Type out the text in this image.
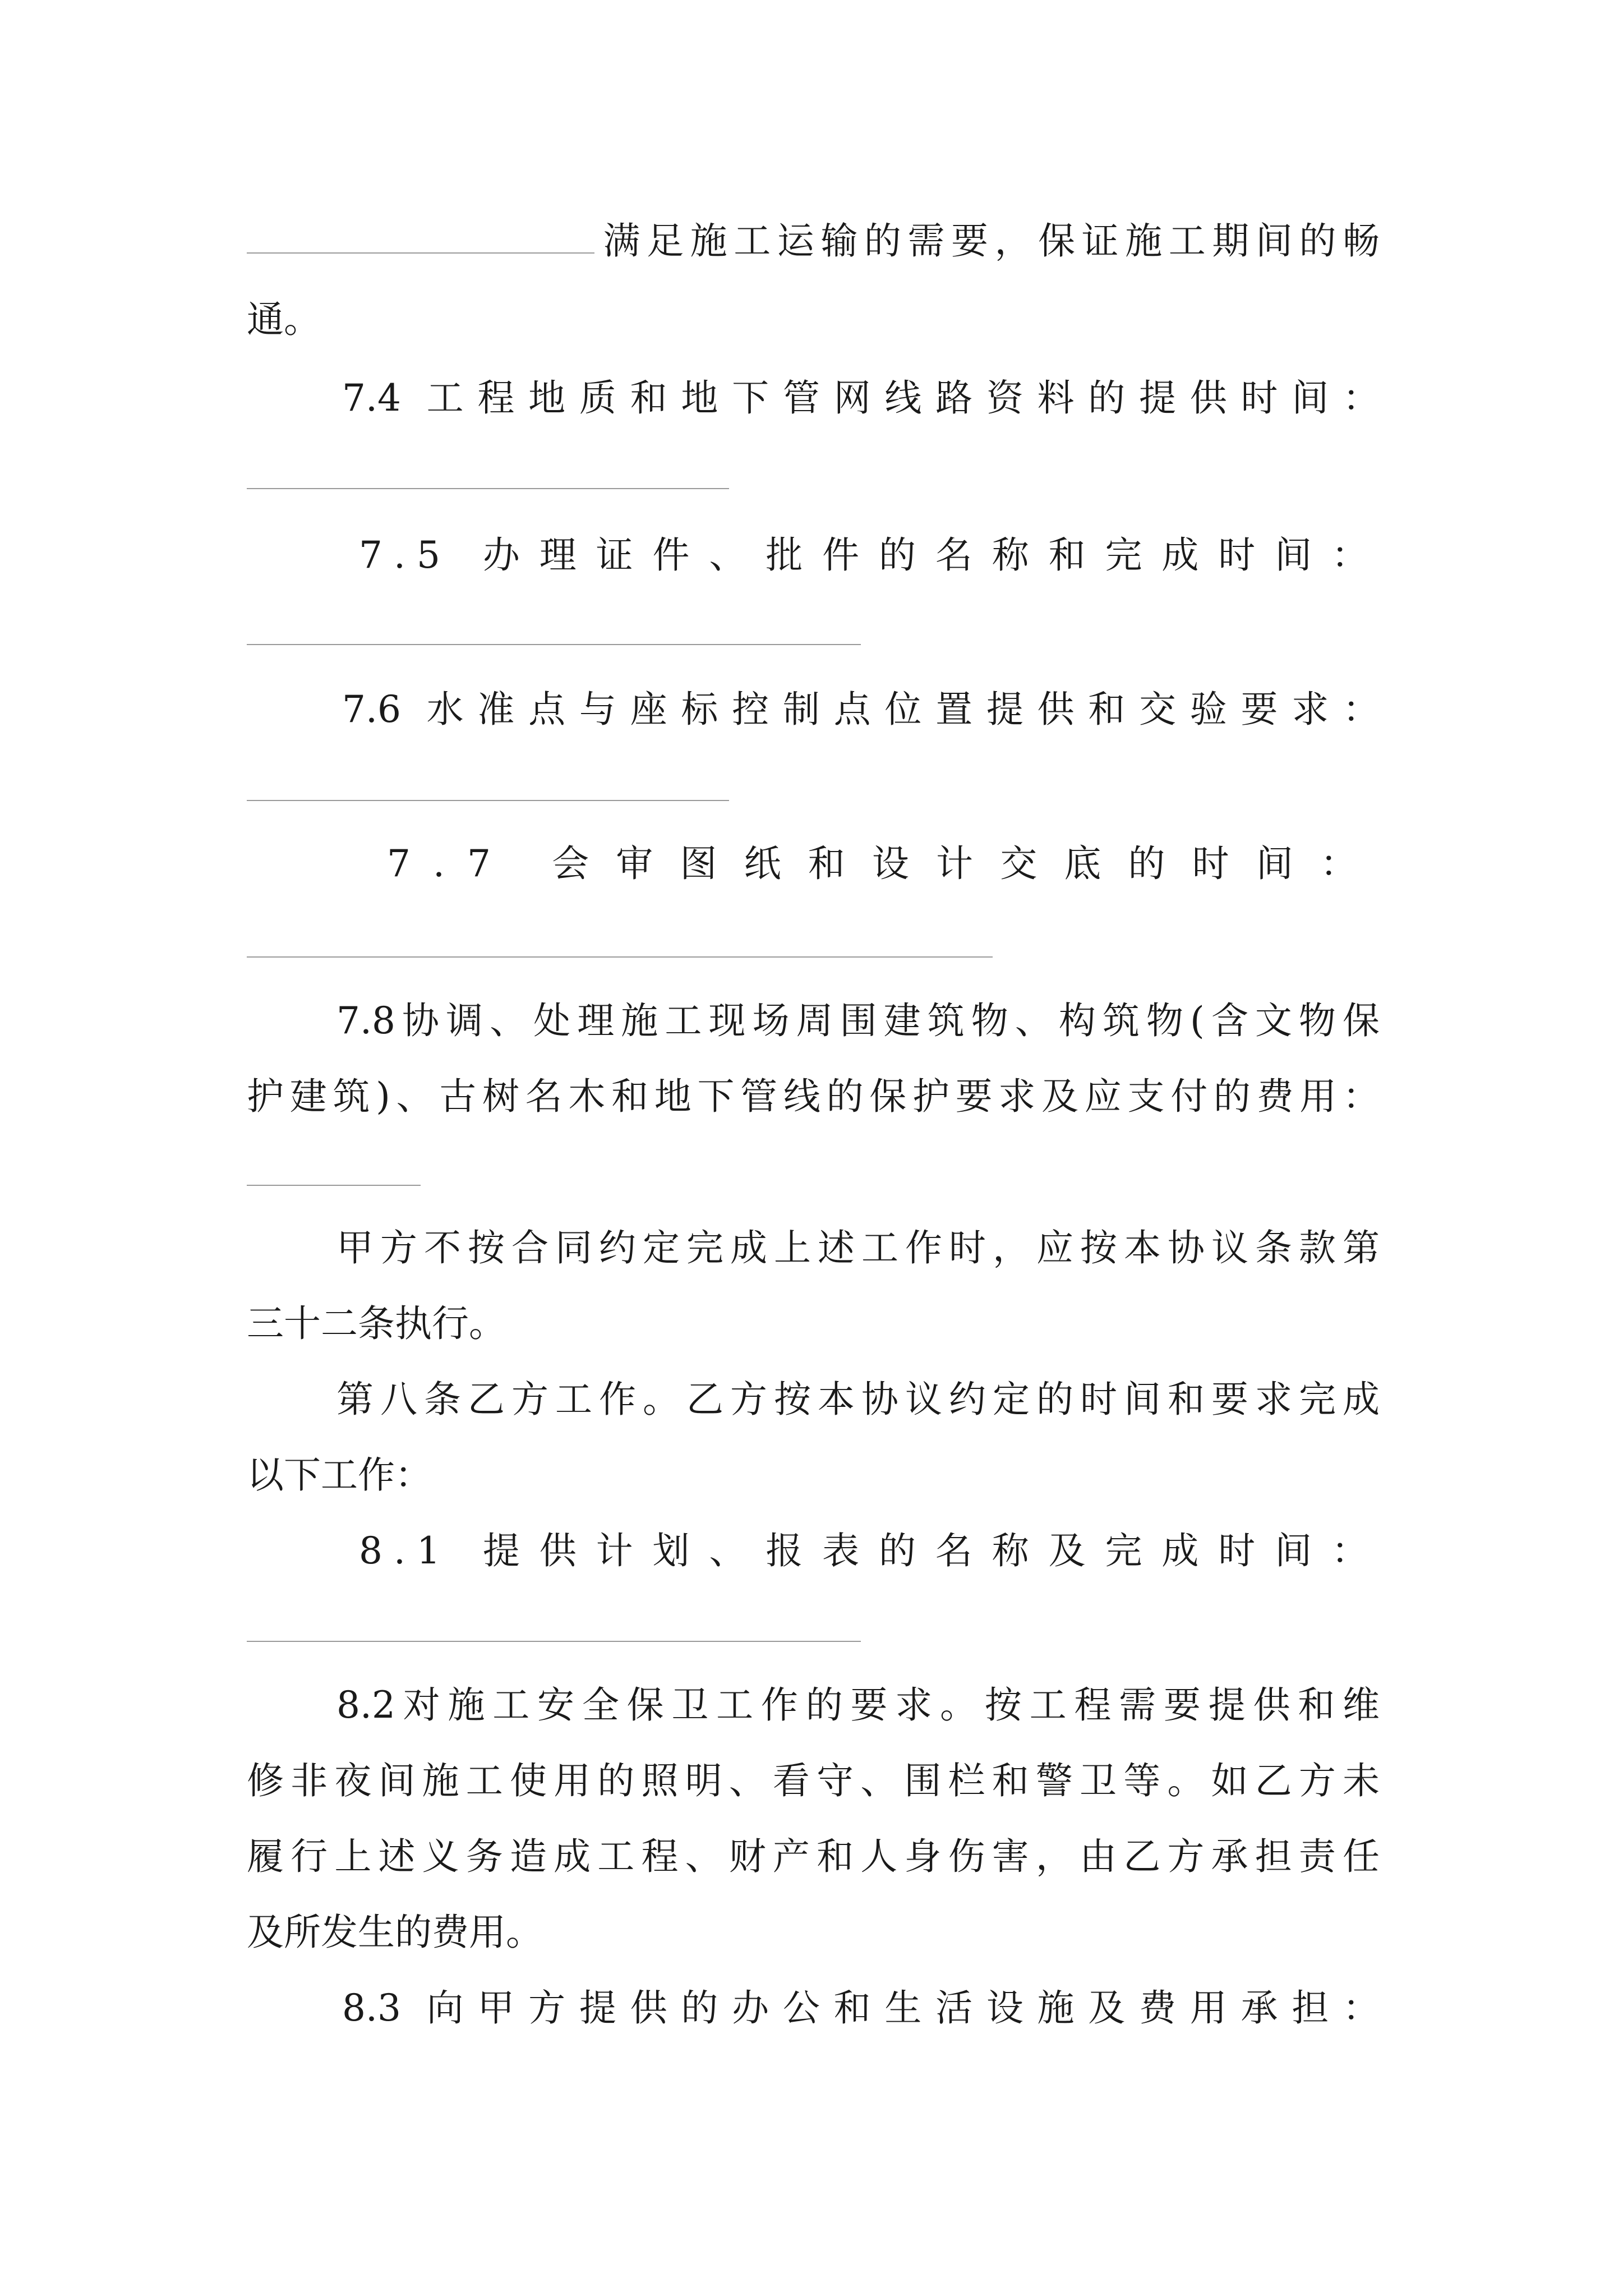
满足施工运输的需要，保证施工期间的畅
通。
7.4 工程地质和地下管网线路资料的提供时间：
7.5 办理证件、批件的名称和完成时间：
7.6 水准点与座标控制点位置提供和交验要求：
7.7 会审图纸和设计交底的时间：
7.8协调、处理施工现场周围建筑物、构筑物(含文物保
护建筑)、古树名木和地下管线的保护要求及应支付的费用：
甲方不按合同约定完成上述工作时，应按本协议条款第
三十二条执行。
第八条乙方工作。乙方按本协议约定的时间和要求完成
以下工作：
8.1 提供计划、报表的名称及完成时间：
8.2对施工安全保卫工作的要求。按工程需要提供和维
修非夜间施工使用的照明、看守、围栏和警卫等。如乙方未
履行上述义务造成工程、财产和人身伤害，由乙方承担责任
及所发生的费用。
8.3 向甲方提供的办公和生活设施及费用承担：
